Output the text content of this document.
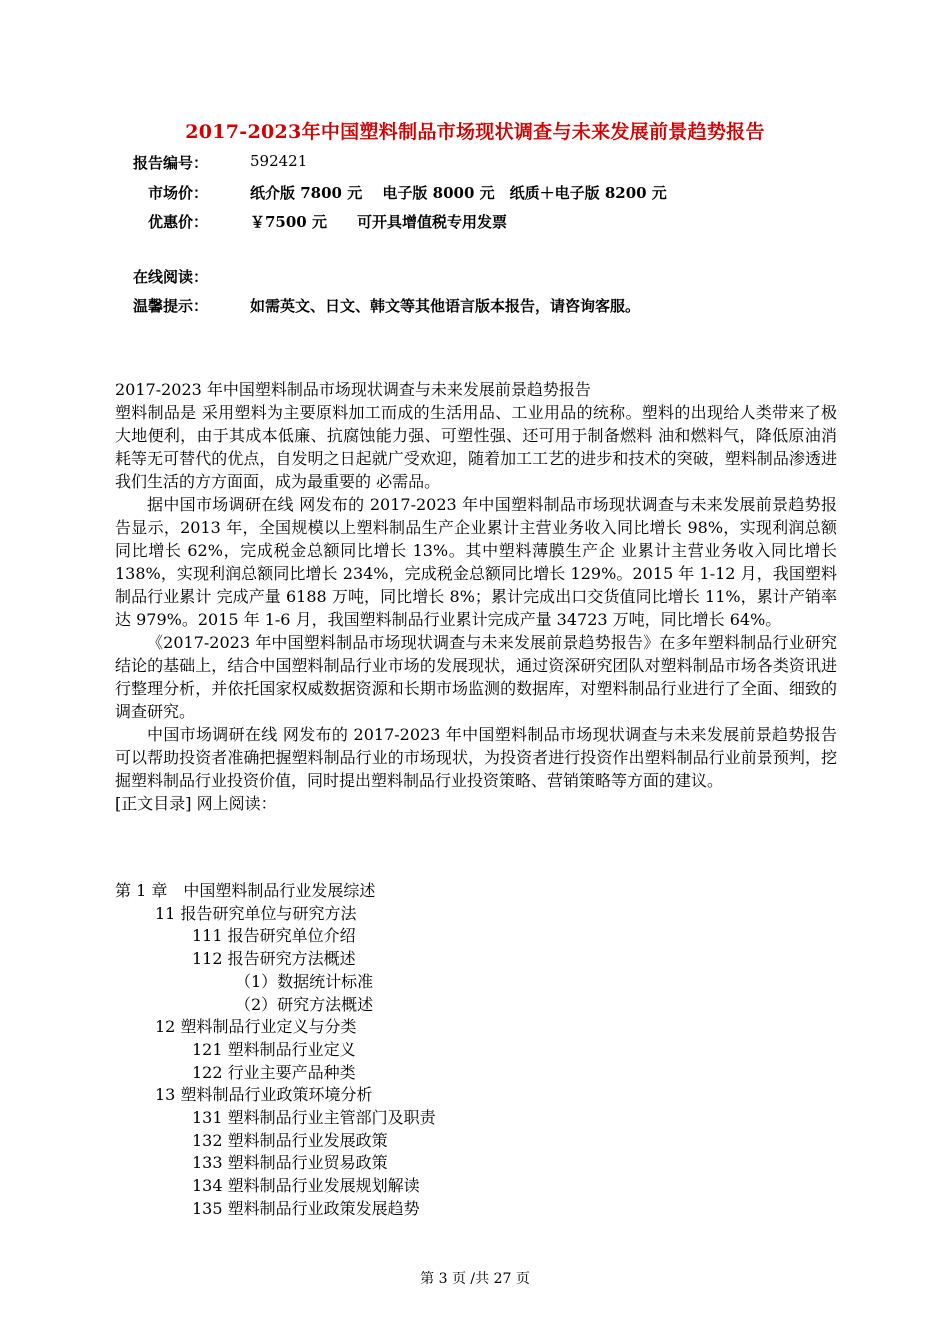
2017-2023年中国塑料制品市场现状调查与未来发展前景趋势报告
报告编号：	592421
市场价：	纸介版 7800 元　 电子版 8000 元　纸质＋电子版 8200 元
优惠价：	￥7500 元　　可开具增值税专用发票
在线阅读：
温馨提示：	如需英文、日文、韩文等其他语言版本报告，请咨询客服。

2017-2023 年中国塑料制品市场现状调查与未来发展前景趋势报告

塑料制品是 采用塑料为主要原料加工而成的生活用品、工业用品的统称。塑料的出现给人类带来了极大地便利，由于其成本低廉、抗腐蚀能力强、可塑性强、还可用于制备燃料 油和燃料气，降低原油消耗等无可替代的优点，自发明之日起就广受欢迎，随着加工工艺的进步和技术的突破，塑料制品渗透进我们生活的方方面面，成为最重要的 必需品。

据中国市场调研在线 网发布的 2017-2023 年中国塑料制品市场现状调查与未来发展前景趋势报告显示，2013 年，全国规模以上塑料制品生产企业累计主营业务收入同比增长 98%，实现利润总额同比增长 62%，完成税金总额同比增长 13%。其中塑料薄膜生产企 业累计主营业务收入同比增长 138%，实现利润总额同比增长 234%，完成税金总额同比增长 129%。2015 年 1-12 月，我国塑料制品行业累计 完成产量 6188 万吨，同比增长 8%；累计完成出口交货值同比增长 11%，累计产销率达 979%。2015 年 1-6 月，我国塑料制品行业累计完成产量 34723 万吨，同比增长 64%。

《2017-2023 年中国塑料制品市场现状调查与未来发展前景趋势报告》在多年塑料制品行业研究结论的基础上，结合中国塑料制品行业市场的发展现状，通过资深研究团队对塑料制品市场各类资讯进行整理分析，并依托国家权威数据资源和长期市场监测的数据库，对塑料制品行业进行了全面、细致的调查研究。

中国市场调研在线 网发布的 2017-2023 年中国塑料制品市场现状调查与未来发展前景趋势报告可以帮助投资者准确把握塑料制品行业的市场现状，为投资者进行投资作出塑料制品行业前景预判，挖掘塑料制品行业投资价值，同时提出塑料制品行业投资策略、营销策略等方面的建议。

[正文目录] 网上阅读：

第 1 章　中国塑料制品行业发展综述
11 报告研究单位与研究方法
111 报告研究单位介绍
112 报告研究方法概述
（1）数据统计标准
（2）研究方法概述
12 塑料制品行业定义与分类
121 塑料制品行业定义
122 行业主要产品种类
13 塑料制品行业政策环境分析
131 塑料制品行业主管部门及职责
132 塑料制品行业发展政策
133 塑料制品行业贸易政策
134 塑料制品行业发展规划解读
135 塑料制品行业政策发展趋势
第 3 页 /共 27 页
